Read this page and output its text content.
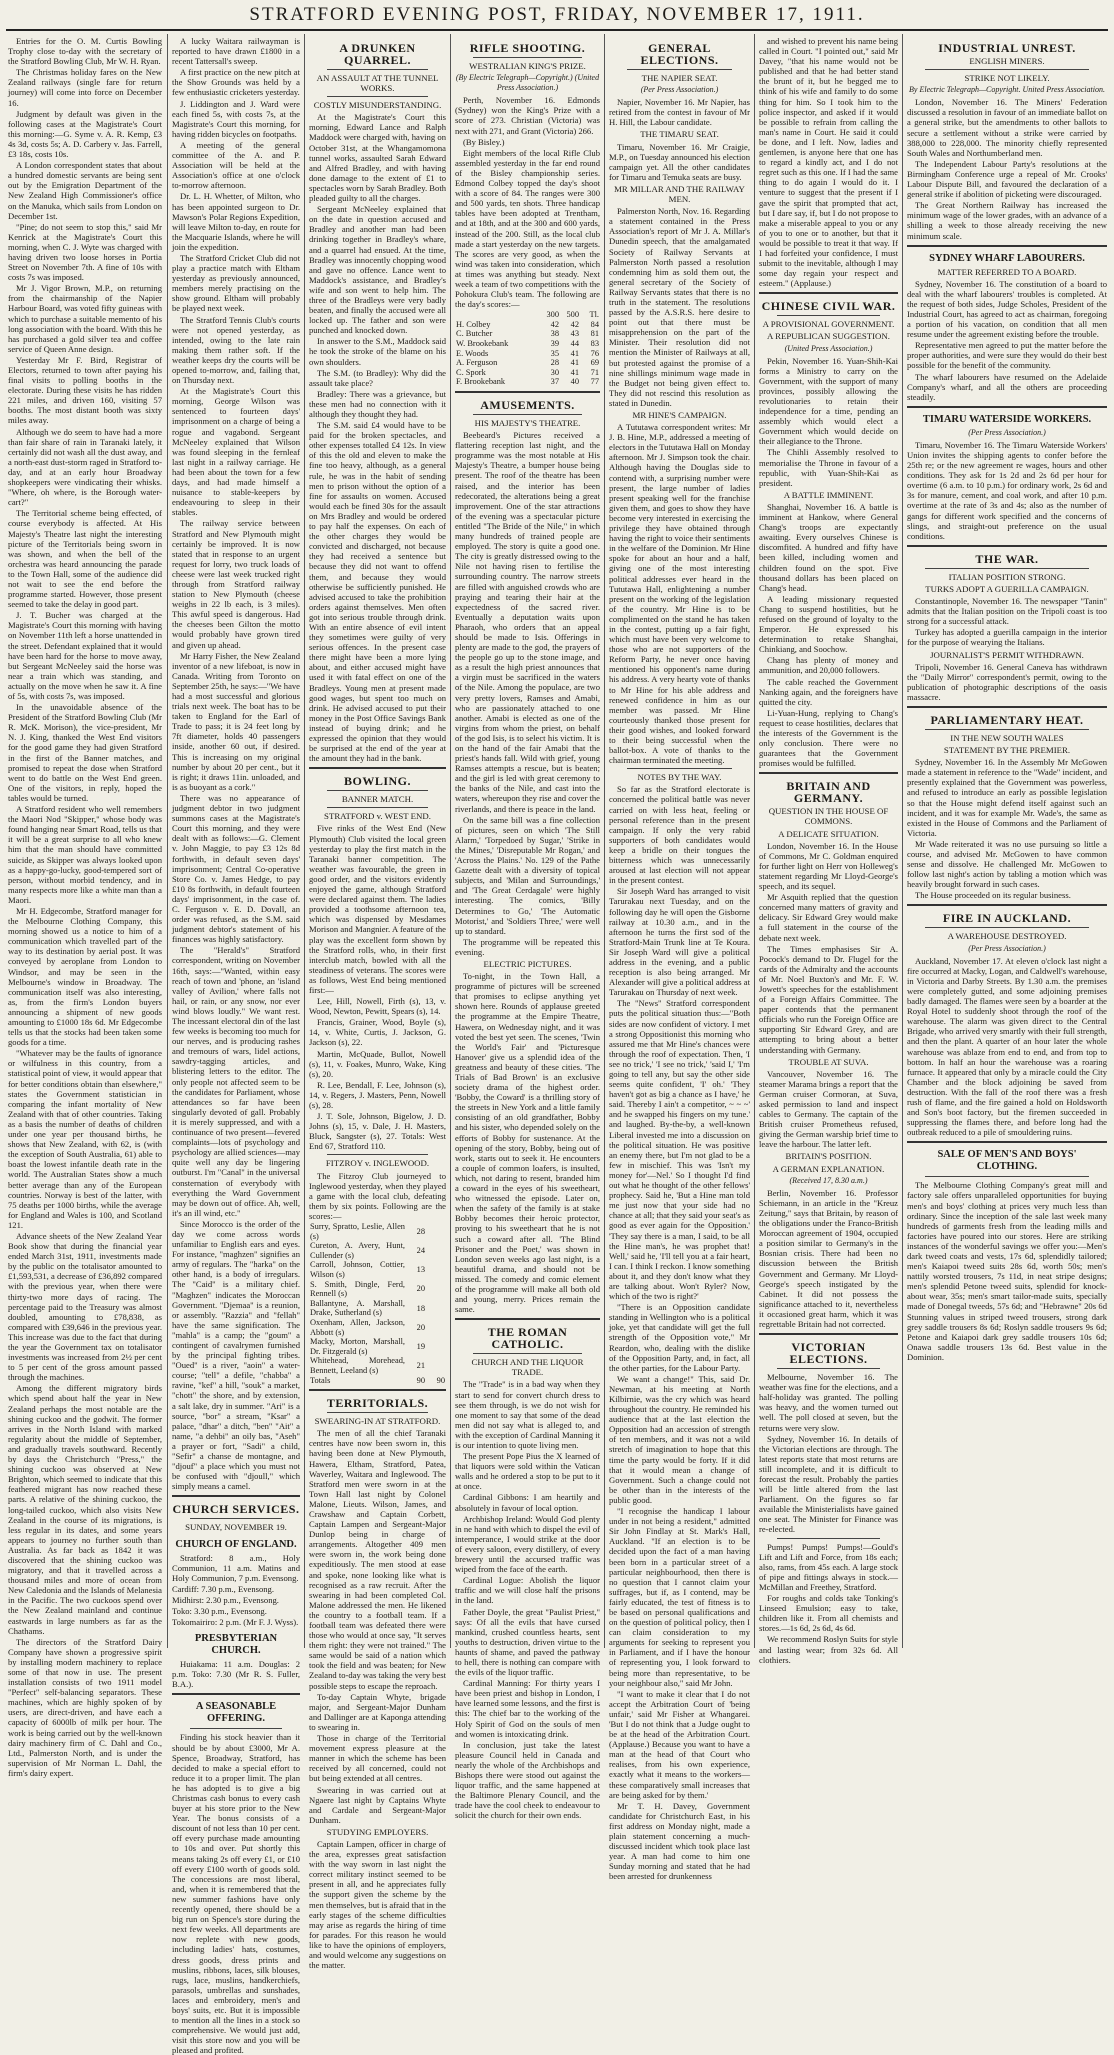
STRATFORD EVENING POST, FRIDAY, NOVEMBER 17, 1911.

Entries for the O. M. Curtis Bowling Trophy close to-day with the secretary of the Stratford Bowling Club, Mr W. H. Ryan.

The Christmas holiday fares on the New Zealand railways (single fare for return journey) will come into force on December 16.

Judgment by default was given in the following cases at the Magistrate's Court this morning:—G. Syme v. A. R. Kemp, £3 4s 3d, costs 5s; A. D. Carbery v. Jas. Farrell, £3 18s, costs 10s.

A London correspondent states that about a hundred domestic servants are being sent out by the Emigration Department of the New Zealand High Commissioner's office on the Manuka, which sails from London on December 1st.

"Pine; do not seem to stop this," said Mr Kenrick at the Magistrate's Court this morning, when C. J. Wyte was charged with having driven two loose horses in Portia Street on November 7th. A fine of 10s with costs 7s was imposed.

Mr J. Vigor Brown, M.P., on returning from the chairmanship of the Napier Harbour Board, was voted fifty guineas with which to purchase a suitable memento of his long association with the board. With this he has purchased a gold silver tea and coffee service of Queen Anne design.

Yesterday Mr F. Bird, Registrar of Electors, returned to town after paying his final visits to polling booths in the electorate. During these visits he has ridden 221 miles, and driven 160, visiting 57 booths. The most distant booth was sixty miles away.

Although we do seem to have had a more than fair share of rain in Taranaki lately, it certainly did not wash all the dust away, and a north-east dust-storm raged in Stratford to-day, and at an early hour Broadway shopkeepers were vindicating their whisks. "Where, oh where, is the Borough water-cart?"

The Territorial scheme being effected, of course everybody is affected. At His Majesty's Theatre last night the interesting picture of the Territorials being sworn in was shown, and when the bell of the orchestra was heard announcing the parade to the Town Hall, some of the audience did not wait to see the end before the programme started. However, those present seemed to take the delay in good part.

J. T. Bucher was charged at the Magistrate's Court this morning with having on November 11th left a horse unattended in the street. Defendant explained that it would have been hard for the horse to move away, but Sergeant McNeeley said the horse was near a train which was standing, and actually on the move when he saw it. A fine of 5s, with costs 7s, was imposed.

In the unavoidable absence of the President of the Stratford Bowling Club (Mr R. McK. Morison), the vice-president, Mr N. J. King, thanked the West End visitors for the good game they had given Stratford in the first of the Banner matches, and promised to repeat the dose when Stratford went to do battle on the West End green. One of the visitors, in reply, hoped the tables would be turned.

A Stratford resident who well remembers the Maori Nod "Skipper," whose body was found hanging near Smart Road, tells us that it will be a great surprise to all who knew him that the man should have committed suicide, as Skipper was always looked upon as a happy-go-lucky, good-tempered sort of person, without morbid tendency, and in many respects more like a white man than a Maori.

Mr H. Edgecombe, Stratford manager for the Melbourne Clothing Company, this morning showed us a notice to him of a communication which travelled part of the way to its destination by aerial post. It was conveyed by aeroplane from London to Windsor, and may be seen in the Melbourne's window in Broadway. The communication itself was also interesting, as, from the firm's London buyers announcing a shipment of new goods amounting to £1000 18s 6d. Mr Edgecombe tells us that the stocks had been taken some goods for a time.

"Whatever may be the faults of ignorance or wilfulness in this country, from a statistical point of view, it would appear that for better conditions obtain than elsewhere," states the Government statistician in comparing the infant mortality of New Zealand with that of other countries. Taking as a basis the number of deaths of children under one year per thousand births, he shows that New Zealand, with 62, is (with the exception of South Australia, 61) able to boast the lowest infantile death rate in the world. The Australian States show a much better average than any of the European countries. Norway is best of the latter, with 75 deaths per 1000 births, while the average for England and Wales is 100, and Scotland 121.

Advance sheets of the New Zealand Year Book show that during the financial year ended March 31st, 1911, investments made by the public on the totalisator amounted to £1,593,531, a decrease of £36,892 compared with the previous year, when there were thirty-two more days of racing. The percentage paid to the Treasury was almost doubled, amounting to £78,838, as compared with £39,646 in the previous year. This increase was due to the fact that during the year the Government tax on totalisator investments was increased from 2½ per cent to 5 per cent of the gross amount passed through the machines.

Among the different migratory birds which spend about half the year in New Zealand perhaps the most notable are the shining cuckoo and the godwit. The former arrives in the North Island with marked regularity about the middle of September, and gradually travels southward. Recently by days the Christchurch "Press," the shining cuckoo was observed at New Brighton, which seemed to indicate that this feathered migrant has now reached these parts. A relative of the shining cuckoo, the long-tailed cuckoo, which also visits New Zealand in the course of its migrations, is less regular in its dates, and some years appears to journey no further south than Australia. As far back as 1842 it was discovered that the shining cuckoo was migratory, and that it travelled across a thousand miles and more of ocean from New Caledonia and the Islands of Melanesia in the Pacific. The two cuckoos spend over the New Zealand mainland and continue eastwards in large numbers as far as the Chathams.

The directors of the Stratford Dairy Company have shown a progressive spirit by installing modern machinery to replace some of that now in use. The present installation consists of two 1911 model "Perfect" self-balancing separators. These machines, which are highly spoken of by users, are direct-driven, and have each a capacity of 6000lb of milk per hour. The work is being carried out by the well-known dairy machinery firm of C. Dahl and Co., Ltd., Palmerston North, and is under the supervision of Mr Norman L. Dahl, the firm's dairy expert.

A lucky Waitara railwayman is reported to have drawn £1800 in a recent Tattersall's sweep.

A first practice on the new pitch at the Show Grounds was held by a few enthusiastic cricketers yesterday.

J. Liddington and J. Ward were each fined 5s, with costs 7s, at the Magistrate's Court this morning, for having ridden bicycles on footpaths.

A meeting of the general committee of the A. and P. Association will be held at the Association's office at one o'clock to-morrow afternoon.

Dr. L. H. Whetter, of Milton, who has been appointed surgeon to Dr. Mawson's Polar Regions Expedition, will leave Milton to-day, en route for the Macquarie Islands, where he will join the expedition.

The Stratford Cricket Club did not play a practice match with Eltham yesterday as previously announced, members merely practising on the show ground. Eltham will probably be played next week.

The Stratford Tennis Club's courts were not opened yesterday, as intended, owing to the late rain making them rather soft. If the weather keeps dry the courts will be opened to-morrow, and, failing that, on Thursday next.

At the Magistrate's Court this morning, George Wilson was sentenced to fourteen days' imprisonment on a charge of being a rogue and vagabond. Sergeant McNeeley explained that Wilson was found sleeping in the fernleaf last night in a railway carriage. He had been about the town for a few days, and had made himself a nuisance to stable-keepers by endeavouring to sleep in their stables.

The railway service between Stratford and New Plymouth might certainly be improved. It is now stated that in response to an urgent request for lorry, two truck loads of cheese were last week trucked right through from Stratford railway station to New Plymouth (cheese weighs in 22 lb each, is 3 miles). This awful speed is dangerous. Had the cheeses been Gilton the motto would probably have grown tired and given up ahead.

Mr Harry Fisher, the New Zealand inventor of a new lifeboat, is now in Canada. Writing from Toronto on September 25th, he says:—"We have had a most successful and glorious trials next week. The boat has to be taken to England for the Earl of Trade to pass; it is 24 feet long by 7ft diameter, holds 40 passengers inside, another 60 out, if desired. This is increasing on my original number by about 20 per cent., but it is right; it draws 11in. unloaded, and is as buoyant as a cork."

There was no appearance of judgment debtor in two judgment summons cases at the Magistrate's Court this morning, and they were dealt with as follows:—G. Clement v. John Maggie, to pay £3 12s 8d forthwith, in default seven days' imprisonment; Central Co-operative Store Co. v. James Hedge, to pay £10 8s forthwith, in default fourteen days' imprisonment, in the case of. C. Ferguson v. E. D. Dovall, an order was refused, as the S.M. said judgment debtor's statement of his finances was highly satisfactory.

The "Herald's" Stratford correspondent, writing on November 16th, says:—"Wanted, within easy reach of town and 'phone, an 'island valley of Avilion,' where falls not hail, or rain, or any snow, nor ever wind blows loudly." We want rest. The incessant electoral din of the last few weeks is becoming too much for our nerves, and is producing rashes and tremours of wars, lidel actions, sawdry-tagging articles, and blistering letters to the editor. The only people not affected seem to be the candidates for Parliament, whose attendances so far have been singularly devoted of gall. Probably it is merely suppressed, and with a continuance of two present—fevered complaints—lots of psychology and psychology are allied sciences—may quite well any day be lingering outburst. I'm "Canal" in the universal consternation of everybody with everything the Ward Government may be down out of office. Ah, well, it's an ill wind, etc."

Since Morocco is the order of the day we come across words unfamiliar to English ears and eyes. For instance, "maghzen" signifies an army of regulars. The "harka" on the other hand, is a body of irregulars. The "Caid" is a military chief. "Maghzen" indicates the Moroccan Government. "Djemaa" is a reunion, or assembly. "Razzia" and "fellah" have the same signification. The "mahla" is a camp; the "goum" a contingent of cavalrymen furnished by the principal fighting tribes. "Oued" is a river, "aoin" a water-course; "tell" a defile, "chabba" a ravine, "kef" a hill, "souk" a market, "chott" the shore, and by extension, a salt lake, dry in summer. "Ari" is a source, "bor" a stream, "Ksar" a palace, "dhar" a ditch, "ben" "Ait" a name, "a dehbi" an oily bas, "Aseh" a prayer or fort, "Sadi" a child, "Sefir" a chanse de montagne, and "djouf" a place which you must not be confused with "djoull," which simply means a camel.

CHURCH SERVICES.
SUNDAY, NOVEMBER 19.
CHURCH OF ENGLAND.

Stratford: 8 a.m., Holy Communion, 11 a.m. Matins and Holy Communion, 7 p.m. Evensong.

Cardiff: 7.30 p.m., Evensong.

Midhirst: 2.30 p.m., Evensong.

Toko: 3.30 p.m., Evensong.

Tokomairiro: 2 p.m. (Mr F. J. Wyss).

PRESBYTERIAN CHURCH.

Huiakama: 11 a.m. Douglas: 2 p.m. Toko: 7.30 (Mr R. S. Fuller, B.A.).

A SEASONABLE OFFERING.

Finding his stock heavier than it should be by about £3000, Mr A. Spence, Broadway, Stratford, has decided to make a special effort to reduce it to a proper limit. The plan he has adopted is to give a big Christmas cash bonus to every cash buyer at his store prior to the New Year. The bonus consists of a discount of not less than 10 per cent. off every purchase made amounting to 10s and over. Put shortly this means taking 2s off every £1, or £10 off every £100 worth of goods sold. The concessions are most liberal, and, when it is remembered that the new summer fashions have only recently opened, there should be a big run on Spence's store during the next few weeks. All departments are now replete with new goods, including ladies' hats, costumes, dress goods, dress prints and muslins, ribbons, laces, silk blouses, rugs, lace, muslins, handkerchiefs, parasols, umbrellas and sunshades, laces and embroidery, men's and boys' suits, etc. But it is impossible to mention all the lines in a stock so comprehensive. We would just add, visit this store now and you will be pleased and profited.

A DRUNKEN QUARREL.
AN ASSAULT AT THE TUNNEL WORKS.
COSTLY MISUNDERSTANDING.

At the Magistrate's Court this morning, Edward Lance and Ralph Maddock were charged with, having on October 31st, at the Whangamomona tunnel works, assaulted Sarah Edward and Alfred Bradley, and with having done damage to the extent of £1 to spectacles worn by Sarah Bradley. Both pleaded guilty to all the charges.

Sergeant McNeeley explained that on the date in question accused and Bradley and another man had been drinking together in Bradley's whare, and a quarrel had ensued. At the time, Bradley was innocently chopping wood and gave no offence. Lance went to Maddock's assistance, and Bradley's wife and son went to help him. The three of the Bradleys were very badly beaten, and finally the accused were all locked up. The father and son were punched and knocked down.

In answer to the S.M., Maddock said he took the stroke of the blame on his own shoulders.

The S.M. (to Bradley): Why did the assault take place?

Bradley: There was a grievance, but these men had no connection with it although they thought they had.

The S.M. said £4 would have to be paid for the broken spectacles, and other expenses totalled £4 12s. In view of this the old and eleven to make the fine too heavy, although, as a general rule, he was in the habit of sending men to prison without the option of a fine for assaults on women. Accused would each be fined 30s for the assault on Mrs Bradley and would be ordered to pay half the expenses. On each of the other charges they would be convicted and discharged, not because they had received a sentence but because they did not want to offend them, and because they would otherwise be sufficiently punished. He advised accused to take the prohibition orders against themselves. Men often got into serious trouble through drink. With an entire absence of evil intent they sometimes were guilty of very serious offences. In the present case there might have been a more lying about, and either accused might have used it with fatal effect on one of the Bradleys. Young men at present made good wages, but spent too much on drink. He advised accused to put their money in the Post Office Savings Bank instead of buying drink; and he expressed the opinion that they would be surprised at the end of the year at the amount they had in the bank.

BOWLING.
BANNER MATCH.
STRATFORD v. WEST END.

Five rinks of the West End (New Plymouth) Club visited the local green yesterday to play the first match in the Taranaki banner competition. The weather was favourable, the green in good order, and the visitors evidently enjoyed the game, although Stratford were declared against them. The ladies provided a toothsome afternoon tea, which was dispensed by Mesdames Morison and Mangnier. A feature of the play was the excellent form shown by the Stratford rolls, who, in their first interclub match, bowled with all the steadiness of veterans. The scores were as follows, West End being mentioned first:—

Lee, Hill, Nowell, Firth (s), 13, v. Wood, Newton, Pewitt, Spears (s), 14.

Francis, Grainer, Wood, Boyle (s), 14, v. White, Curtis, J. Jackson, G. Jackson (s), 22.

Martin, McQuade, Bullot, Nowell (s), 11, v. Foakes, Munro, Wake, King (s), 20.

R. Lee, Bendall, F. Lee, Johnson (s), 14, v. Regers, J. Masters, Penn, Nowell (s), 28.

J. T. Sole, Johnson, Bigelow, J. D. Johns (s), 15, v. Dale, J. H. Masters, Bluck, Sangster (s), 27. Totals: West End 67, Stratford 110.

FITZROY v. INGLEWOOD.

The Fitzroy Club journeyed to Inglewood yesterday, when they played a game with the local club, defeating them by six points. Following are the scores:—

Surry, Spratto, Leslie, Allen (s)	28	
Cureton, A. Avery, Hunt, Cullender (s)	24	
Carroll, Johnson, Cottier, Wilson (s)	13	
S. Smith, Dingle, Ferd, Rennell (s)	20	
Ballantyne, A. Marshall, Drake, Sutherland (s)	18	
Oxenham, Allen, Jackson, Abbott (s)	20	
Macky, Morton, Marshall, Dr. Fitzgerald (s)	19	
Whitehead, Morehead, Bennett, Leeland (s)	21	
Totals	90	90
TERRITORIALS.
SWEARING-IN AT STRATFORD.

The men of all the chief Taranaki centres have now been sworn in, this having been done at New Plymouth, Hawera, Eltham, Stratford, Patea, Waverley, Waitara and Inglewood. The Stratford men were sworn in at the Town Hall last night by Colonel Malone, Lieuts. Wilson, James, and Crawshaw and Captain Corbett, Captain Lampen and Sergeant-Major Dunlop being in charge of arrangements. Altogether 409 men were sworn in, the work being done expeditiously. The men stood at ease and spoke, none looking like what is recognised as a raw recruit. After the swearing in had been completed Col. Malone addressed the men. He likened the country to a football team. If a football team was defeated there were those who would at once say, "It serves them right: they were not trained." The same would be said of a nation which took the field and was beaten; for New Zealand to-day was taking the very best possible steps to escape the reproach.

To-day Captain Whyte, brigade major, and Sergeant-Major Dunham and Dallinger are at Kaponga attending to swearing in.

Those in charge of the Territorial movement express pleasure at the manner in which the scheme has been received by all concerned, could not but being extended at all centres.

Swearing in was carried out at Ngaere last night by Captains Whyte and Cardale and Sergeant-Major Dunham.

STUDYING EMPLOYERS.

Captain Lampen, officer in charge of the area, expresses great satisfaction with the way sworn in last night the correct military instinct seemed to be present in all, and he appreciates fully the support given the scheme by the men themselves, but is afraid that in the early stages of the scheme difficulties may arise as regards the hiring of time for parades. For this reason he would like to have the opinions of employers, and would welcome any suggestions on the matter.

RIFLE SHOOTING.
WESTRALIAN KING'S PRIZE.
(By Electric Telegraph—Copyright.) (United Press Association.)

Perth, November 16. Edmonds (Sydney) won the King's Prize with a score of 273. Christian (Victoria) was next with 271, and Grant (Victoria) 266.

(By Bisley.)

Eight members of the local Rifle Club assembled yesterday in the far end round of the Bisley championship series. Edmond Colbey topped the day's shoot with a score of 84. The ranges were 300 and 500 yards, ten shots. Three handicap tables have been adopted at Trentham, and at 18th, and at the 300 and 600 yards, instead of the 200. Still, as the local club made a start yesterday on the new targets. The scores are very good, as when the wind was taken into consideration, which at times was anything but steady. Next week a team of two competitions with the Pohokura Club's team. The following are the day's scores:—

	300	500	Tl.
H. Colbey	42	42	84
C. Butcher	38	43	81
W. Brookebank	39	44	83
E. Woods	35	41	76
A. Ferguson	28	41	69
C. Spork	30	41	71
F. Brookebank	37	40	77
AMUSEMENTS.
HIS MAJESTY'S THEATRE.

Beebeard's Pictures received a flattering reception last night, and the programme was the most notable at His Majesty's Theatre, a bumper house being present. The roof of the theatre has been raised, and the interior has been redecorated, the alterations being a great improvement. One of the star attractions of the evening was a spectacular picture entitled "The Bride of the Nile," in which many hundreds of trained people are employed. The story is quite a good one. The city is greatly distressed owing to the Nile not having risen to fertilise the surrounding country. The narrow streets are filled with anguished crowds who are praying and tearing their hair at the expectedness of the sacred river. Eventually a deputation waits upon Pharaoh, who orders that an appeal should be made to Isis. Offerings in plenty are made to the god, the prayers of the people go up to the stone image, and as a result the high priest announces that a virgin must be sacrificed in the waters of the Nile. Among the populace, are two very pretty lovers, Ramses and Amabi, who are passionately attached to one another. Amabi is elected as one of the virgins from whom the priest, on behalf of the god Isis, is to select his victim. It is on the hand of the fair Amabi that the priest's hands fall. Wild with grief, young Ramses attempts a rescue, but is beaten; and the girl is led with great ceremony to the banks of the Nile, and cast into the waters, whereupon they rise and cover the riverlands, and there is peace in the land.

On the same bill was a fine collection of pictures, seen on which 'The Still Alarm,' 'Torpedoed by Sugar,' 'Strike in the Mines,' 'Disreputable Mr Rogan,' and 'Across the Plains.' No. 129 of the Pathe Gazette dealt with a diversity of topical subjects, and 'Milan and Surroundings,' and 'The Great Cerdagale' were highly interesting. The comics, 'Billy Determines to Go,' 'The Automatic Motorist,' and 'Soldiers Three,' were well up to standard.

The programme will be repeated this evening.

ELECTRIC PICTURES.

To-night, in the Town Hall, a programme of pictures will be screened that promises to eclipse anything yet shown here. Rounds of applause greeted the programme at the Empire Theatre, Hawera, on Wednesday night, and it was voted the best yet seen. The scenes, 'Twin the World's Fair' and 'Picturesque Hanover' give us a splendid idea of the greatness and beauty of these cities. 'The Trials of Bad Brown' is an exclusive society drama of the highest order. 'Bobby, the Coward' is a thrilling story of the streets in New York and a little family consisting of an old grandfather, Bobby and his sister, who depended solely on the efforts of Bobby for sustenance. At the opening of the story, Bobby, being out of work, starts out to seek it. He encounters a couple of common loafers, is insulted, which, not daring to resent, branded him a coward in the eyes of his sweetheart, who witnessed the episode. Later on, when the safety of the family is at stake Bobby becomes their heroic protector, proving to his sweetheart that he is not such a coward after all. 'The Blind Prisoner and the Poet,' was shown in London seven weeks ago last night, is a beautiful drama, and should not be missed. The comedy and comic element of the programme will make all both old and young, merry. Prices remain the same.

THE ROMAN CATHOLIC.
CHURCH AND THE LIQUOR TRADE.

The "Trade" is in a bad way when they start to send for convert church dress to see them through, is we do not wish for one moment to say that some of the dead men did not say what is alleged to, and with the exception of Cardinal Manning it is our intention to quote living men.

The present Pope Pius the X learned of that liquors were sold within the Vatican walls and he ordered a stop to be put to it at once.

Cardinal Gibbons: I am heartily and absolutely in favour of local option.

Archbishop Ireland: Would God plenty in ne hand with which to dispel the evil of intemperance, I would strike at the door of every saloon, every distillery, of every brewery until the accursed traffic was wiped from the face of the earth.

Cardinal Logue: Abolish the liquor traffic and we will close half the prisons in the land.

Father Doyle, the great "Paulist Priest," says: Of all the evils that have cursed mankind, crushed countless hearts, sent youths to destruction, driven virtue to the haunts of shame, and paved the pathway to hell, there is nothing can compare with the evils of the liquor traffic.

Cardinal Manning: For thirty years I have been priest and bishop in London, I have learned some lessons, and the first is this: The chief bar to the working of the Holy Spirit of God on the souls of men and women is intoxicating drink.

In conclusion, just take the latest pleasure Council held in Canada and nearly the whole of the Archbishops and Bishops there were stood out against the liquor traffic, and the same happened at the Baltimore Plenary Council, and the trade have the cool cheek to endeavour to solicit the church for their own ends.

GENERAL ELECTIONS.
THE NAPIER SEAT.
(Per Press Association.)

Napier, November 16. Mr Napier, has retired from the contest in favour of Mr H. Hill, the Labour candidate.

THE TIMARU SEAT.

Timaru, November 16. Mr Craigie, M.P., on Tuesday announced his election campaign yet. All the other candidates for Timaru and Temuka seats are busy.

MR MILLAR AND THE RAILWAY MEN.

Palmerston North, Nov. 16. Regarding a statement contained in the Press Association's report of Mr J. A. Millar's Dunedin speech, that the amalgamated Society of Railway Servants at Palmerston North passed a resolution condemning him as sold them out, the general secretary of the Society of Railway Servants states that there is no truth in the statement. The resolutions passed by the A.S.R.S. here desire to point out that there must be misapprehension on the part of the Minister. Their resolution did not mention the Minister of Railways at all, but protested against the promise of a nine shillings minimum wage made in the Budget not being given effect to. They did not rescind this resolution as stated in Dunedin.

MR HINE'S CAMPAIGN.

A Tututawa correspondent writes: Mr J. B. Hine, M.P., addressed a meeting of electors in the Tututawa Hall on Monday afternoon. Mr J. Simpson took the chair. Although having the Douglas side to contend with, a surprising number were present, the large number of ladies present speaking well for the franchise given them, and goes to show they have become very interested in exercising the privilege they have obtained through having the right to voice their sentiments in the welfare of the Dominion. Mr Hine spoke for about an hour and a half, giving one of the most interesting political addresses ever heard in the Tututawa Hall, enlightening a number present on the working of the legislation of the country. Mr Hine is to be complimented on the stand he has taken in the contest, putting up a fair fight, which must have been very welcome to those who are not supporters of the Reform Party, he never once having mentioned his opponent's name during his address. A very hearty vote of thanks to Mr Hine for his able address and renewed confidence in him as our member was passed. Mr Hine courteously thanked those present for their good wishes, and looked forward to their being successful when the ballot-box. A vote of thanks to the chairman terminated the meeting.

NOTES BY THE WAY.

So far as the Stratford electorate is concerned the political battle was never carried on with less heat, feeling or personal reference than in the present campaign. If only the very rabid supporters of both candidates would keep a bridle on their tongues the bitterness which was unnecessarily aroused at last election will not appear in the present contest.

Sir Joseph Ward has arranged to visit Tarurakau next Tuesday, and on the following day he will open the Gisborne railway at 10.30 a.m., and in the afternoon he turns the first sod of the Stratford-Main Trunk line at Te Koura. Sir Joseph Ward will give a political address in the evening, and a public reception is also being arranged. Mr Alexander will give a political address at Tarurakau on Thursday of next week.

The "News" Stratford correspondent puts the political situation thus:—"Both sides are now confident of victory. I met a strong Oppositionist this morning who assured me that Mr Hine's chances were through the roof of expectation. Then, 'I see no trick,' 'I see no trick,' 'said I,' 'I'm going to tell any, but say the other side seems quite confident, 'I' oh.' 'They haven't got as big a chance as I have,' he said. Thereby I ain't a competitor, ~ ~ ~' and he swapped his fingers on my tune.' and laughed. By-the-by, a well-known Liberal invested me into a discussion on the political situation. He was positive an enemy there, but I'm not glad to be a few in mischief. This was 'Isn't my money for'—Nel.' So I thought I'd find out what he thought of the other fellows' prophecy. Said he, 'But a Hine man told me just now that your side had no chance at all; that they said your seat's as good as ever again for the Opposition.' 'They say there is a man, I said, to be all the Hine man's, he was prophet that! Well,' said he, 'I'll tell you at a fair heart, I can. I think I reckon. I know something about it, and they don't know what they are talking about. Won't Ryler? Now, which of the two is right?'

"There is an Opposition candidate standing in Wellington who is a political joke, yet that candidate will get the full strength of the Opposition vote," Mr Reardon, who, dealing with the dislike of the Opposition Party, and, in fact, all the other parties, for the Labour Party.

We want a change!" This, said Dr. Newman, at his meeting at North Kilbirnie, was the cry which was heard throughout the country. He reminded his audience that at the last election the Opposition had an accession of strength of ten members, and it was not a wild stretch of imagination to hope that this time the party would be forty. If it did that it would mean a change of Government. Such a change could not be other than in the interests of the public good.

"I recognise the handicap I labour under in not being a resident," admitted Sir John Findlay at St. Mark's Hall, Auckland. "If an election is to be decided upon the fact of a man having been born in a particular street of a particular neighbourhood, then there is no question that I cannot claim your suffrages, but if, as I contend, may be fairly educated, the test of fitness is to be based on personal qualifications and on the question of political policy, then I can claim consideration to my arguments for seeking to represent you in Parliament, and if I have the honour of representing you, I look forward to being more than representative, to be your neighbour also," said Mr John.

"I want to make it clear that I do not accept the Arbitration Court of 'being unfair,' said Mr Fisher at Whangarei. 'But I do not think that a Judge ought to be at the head of the Arbitration Court. (Applause.) Because you want to have a man at the head of that Court who realises, from his own experience, exactly what it means to the workers—these comparatively small increases that are being asked for by them.'

Mr T. H. Davey, Government candidate for Christchurch East, in his first address on Monday night, made a plain statement concerning a much-discussed incident which took place last year. A man had come to him one Sunday morning and stated that he had been arrested for drunkenness

and wished to prevent his name being called in Court. "I pointed out," said Mr Davey, "that his name would not be published and that he had better stand the brunt of it, but he begged me to think of his wife and family to do some thing for him. So I took him to the police inspector, and asked if it would be possible to refrain from calling the man's name in Court. He said it could be done, and I left. Now, ladies and gentlemen, is anyone here that one has to regard a kindly act, and I do not regret such as this one. If I had the same thing to do again I would do it. I venture to suggest that the present if I gave the spirit that prompted that act, but I dare say, if, but I do not propose to make a miserable appeal to you or any of you to one or to another, but that it would be possible to treat it that way. If I had forfeited your confidence, I must submit to the inevitable, although I may some day regain your respect and esteem." (Applause.)

CHINESE CIVIL WAR.
A PROVISIONAL GOVERNMENT.
A REPUBLICAN SUGGESTION.
(United Press Association.)

Pekin, November 16. Yuan-Shih-Kai forms a Ministry to carry on the Government, with the support of many provinces, possibly allowing the revolutionaries to retain their independence for a time, pending an assembly which would elect a Government which would decide on their allegiance to the Throne.

The Chihli Assembly resolved to memorialise the Throne in favour of a republic, with Yuan-Shih-Kai as president.

A BATTLE IMMINENT.

Shanghai, November 16. A battle is imminent at Hankow, where General Chang's troops are expectantly awaiting. Every ourselves Chinese is discomfited. A hundred and fifty have been killed, including women and children found on the spot. Five thousand dollars has been placed on Chang's head.

A leading missionary requested Chang to suspend hostilities, but he refused on the ground of loyalty to the Emperor. He expressed his determination to retake Shanghai, Chinkiang, and Soochow.

Chang has plenty of money and ammunition, and 20,000 followers.

The cable reached the Government Nanking again, and the foreigners have quitted the city.

Li-Yuan-Hung, replying to Chang's request to cease hostilities, declares that the interests of the Government is the only conclusion. There were no guarantees that the Government promises would be fulfilled.

BRITAIN AND GERMANY.
QUESTION IN THE HOUSE OF COMMONS.
A DELICATE SITUATION.

London, November 16. In the House of Commons, Mr C. Goldman enquired for further light on Herr von Holleweg's statement regarding Mr Lloyd-George's speech, and its sequel.

Mr Asquith replied that the question concerned many matters of gravity and delicacy. Sir Edward Grey would make a full statement in the course of the debate next week.

The Times emphasises Sir A. Pocock's demand to Dr. Flugel for the cards of the Admiralty and the accounts of Mr. Noel Buxton's and Mr. F. W. Jowett's speeches for the establishment of a Foreign Affairs Committee. The paper contends that the permanent officials who run the Foreign Office are supporting Sir Edward Grey, and are attempting to bring about a better understanding with Germany.

TROUBLE AT SUVA.

Vancouver, November 16. The steamer Marama brings a report that the German cruiser Cormoran, at Suva, asked permission to land and inspect cables to Germany. The captain of the British cruiser Prometheus refused, giving the German warship brief time to leave the harbour. The latter left.

BRITAIN'S POSITION.
A GERMAN EXPLANATION.
(Received 17, 8.30 a.m.)

Berlin, November 16. Professor Schiemann, in an article in the "Kreuz Zeitung," says that Britain, by reason of the obligations under the Franco-British Moroccan agreement of 1904, occupied a position similar to Germany's in the Bosnian crisis. There had been no discussion between the British Government and Germany. Mr Lloyd-George's speech instigated by the Cabinet. It did not possess the significance attached to it, nevertheless it occasioned great harm, which it was regrettable Britain had not corrected.

VICTORIAN ELECTIONS.

Melbourne, November 16. The weather was fine for the elections, and a half-holiday was granted. The polling was heavy, and the women turned out well. The poll closed at seven, but the returns were very slow.

Sydney, November 16. In details of the Victorian elections are through. The latest reports state that most returns are still incomplete, and it is difficult to forecast the result. Probably the parties will be little altered from the last Parliament. On the figures so far available the Ministerialists have gained one seat. The Minister for Finance was re-elected.

Pumps! Pumps! Pumps!—Gould's Lift and Lift and Force, from 18s each; also, rams, from 45s each. A large stock of pipe and fittings always in stock.—McMillan and Freethey, Stratford.

For roughs and colds take Tonking's Linseed Emulsion; easy to take, children like it. From all chemists and stores.—1s 6d, 2s 6d, 4s 6d.

We recommend Roslyn Suits for style and lasting wear; from 32s 6d. All clothiers.

INDUSTRIAL UNREST.
ENGLISH MINERS.
STRIKE NOT LIKELY.
By Electric Telegraph—Copyright. United Press Association.

London, November 16. The Miners' Federation discussed a resolution in favour of an immediate ballot on a general strike, but the amendments to other ballots to secure a settlement without a strike were carried by 388,000 to 228,000. The minority chiefly represented South Wales and Northumberland men.

The Independent Labour Party's resolutions at the Birmingham Conference urge a repeal of Mr. Crooks' Labour Dispute Bill, and favoured the declaration of a general strike if abolition of picketing were discouraged.

The Great Northern Railway has increased the minimum wage of the lower grades, with an advance of a shilling a week to those already receiving the new minimum scale.

SYDNEY WHARF LABOURERS.
MATTER REFERRED TO A BOARD.

Sydney, November 16. The constitution of a board to deal with the wharf labourers' troubles is completed. At the request of both sides, Judge Scholes, President of the Industrial Court, has agreed to act as chairman, foregoing a portion of his vacation, on condition that all men resume under the agreement existing before the trouble.

Representative men agreed to put the matter before the proper authorities, and were sure they would do their best possible for the benefit of the community.

The wharf labourers have resumed on the Adelaide Company's wharf, and all the others are proceeding steadily.

TIMARU WATERSIDE WORKERS.
(Per Press Association.)

Timaru, November 16. The Timaru Waterside Workers' Union invites the shipping agents to confer before the 25th re; or the new agreement re wages, hours and other conditions. They ask for 1s 2d and 2s 6d per hour for overtime (6 a.m. to 10 p.m.) for ordinary work, 2s 6d and 3s for manure, cement, and coal work, and after 10 p.m. overtime at the rate of 3s and 4s; also as the number of gangs for different work specified and the concerns of slings, and straight-out preference on the usual conditions.

THE WAR.
ITALIAN POSITION STRONG.
TURKS ADOPT A GUERILLA CAMPAIGN.

Constantinople, November 16. The newspaper "Tanin" admits that the Italian position on the Tripoli coast is too strong for a successful attack.

Turkey has adopted a guerilla campaign in the interior for the purpose of wearying the Italians.

JOURNALIST'S PERMIT WITHDRAWN.

Tripoli, November 16. General Caneva has withdrawn the "Daily Mirror" correspondent's permit, owing to the publication of photographic descriptions of the oasis massacre.

PARLIAMENTARY HEAT.
IN THE NEW SOUTH WALES
STATEMENT BY THE PREMIER.

Sydney, November 16. In the Assembly Mr McGowen made a statement in reference to the "Wade" incident, and presently explained that the Government was powerless, and refused to introduce an early as possible legislation so that the House might defend itself against such an incident, and it was for example Mr. Wade's, the same as existed in the House of Commons and the Parliament of Victoria.

Mr Wade reiterated it was no use pursuing so little a course, and advised Mr. McGowen to have common sense and dissolve. He challenged Mr. McGowen to follow last night's action by tabling a motion which was heavily brought forward in such cases.

The House proceeded on its regular business.

FIRE IN AUCKLAND.
A WAREHOUSE DESTROYED.
(Per Press Association.)

Auckland, November 17. At eleven o'clock last night a fire occurred at Macky, Logan, and Caldwell's warehouse, in Victoria and Darby Streets. By 1.30 a.m. the premises were completely gutted, and some adjoining premises badly damaged. The flames were seen by a boarder at the Royal Hotel to suddenly shoot through the roof of the warehouse. The alarm was given direct to the Central Brigade, who arrived very smartly with their full strength, and then the plant. A quarter of an hour later the whole warehouse was ablaze from end to end, and from top to bottom. In half an hour the warehouse was a roaring furnace. It appeared that only by a miracle could the City Chamber and the block adjoining be saved from destruction. With the fall of the roof there was a fresh rush of flame, and the fire gained a hold on Holdsworth and Son's boot factory, but the firemen succeeded in suppressing the flames there, and before long had the outbreak reduced to a pile of smouldering ruins.

SALE OF MEN'S AND BOYS' CLOTHING.

The Melbourne Clothing Company's great mill and factory sale offers unparalleled opportunities for buying men's and boys' clothing at prices very much less than ordinary. Since the inception of the sale last week many hundreds of garments fresh from the leading mills and factories have poured into our stores. Here are striking instances of the wonderful savings we offer you:—Men's dark tweed coats and vests, 17s 6d, splendidly tailored; men's Kaiapoi tweed suits 28s 6d, worth 50s; men's nattily worsted trousers, 7s 11d, in neat stripe designs; men's splendid Petone tweed suits, splendid for knock-about wear, 35s; men's smart tailor-made suits, specially made of Donegal tweeds, 57s 6d; and "Hebrawne" 20s 6d Stunning values in striped tweed trousers, strong dark grey saddle trousers 8s 6d; Roslyn saddle trousers 9s 6d; Petone and Kaiapoi dark grey saddle trousers 10s 6d; Onawa saddle trousers 13s 6d. Best value in the Dominion.
